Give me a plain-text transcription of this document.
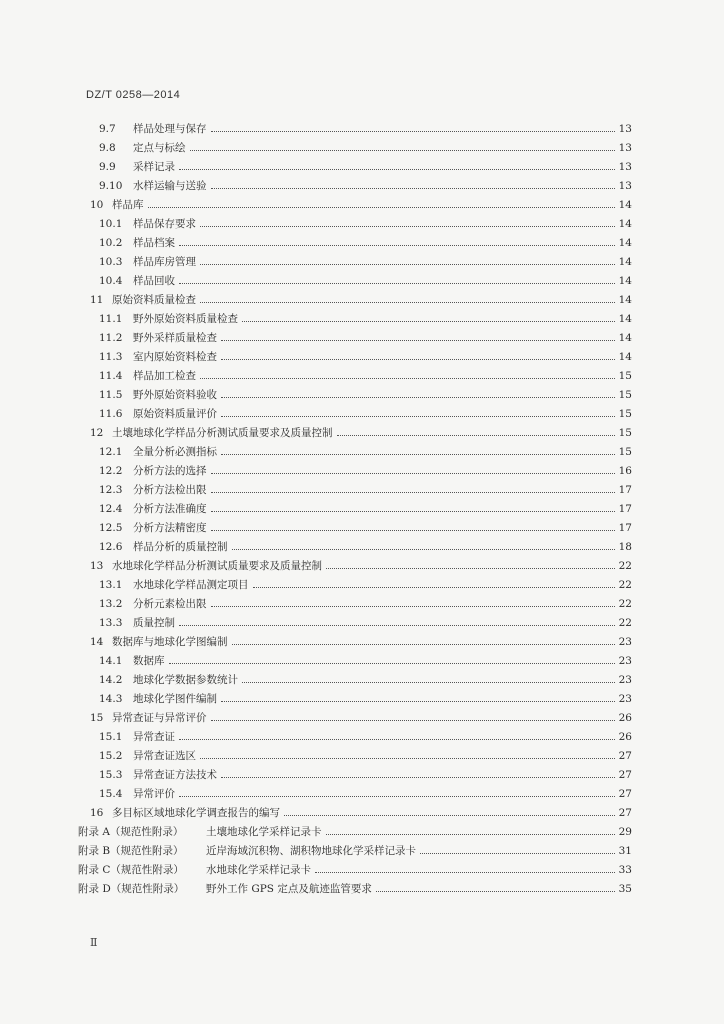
DZ/T 0258—2014
9.7	样品处理与保存	13
9.8	定点与标绘	13
9.9	采样记录	13
9.10	水样运输与送验	13
10 样品库	14
10.1	样品保存要求	14
10.2	样品档案	14
10.3	样品库房管理	14
10.4	样品回收	14
11 原始资料质量检查	14
11.1	野外原始资料质量检查	14
11.2	野外采样质量检查	14
11.3	室内原始资料检查	14
11.4	样品加工检查	15
11.5	野外原始资料验收	15
11.6	原始资料质量评价	15
12 土壤地球化学样品分析测试质量要求及质量控制	15
12.1	全量分析必测指标	15
12.2	分析方法的选择	16
12.3	分析方法检出限	17
12.4	分析方法准确度	17
12.5	分析方法精密度	17
12.6	样品分析的质量控制	18
13 水地球化学样品分析测试质量要求及质量控制	22
13.1	水地球化学样品测定项目	22
13.2	分析元素检出限	22
13.3	质量控制	22
14 数据库与地球化学图编制	23
14.1	数据库	23
14.2	地球化学数据参数统计	23
14.3	地球化学图件编制	23
15 异常查证与异常评价	26
15.1	异常查证	26
15.2	异常查证选区	27
15.3	异常查证方法技术	27
15.4	异常评价	27
16 多目标区域地球化学调查报告的编写	27
附录 A（规范性附录）	土壤地球化学采样记录卡	29
附录 B（规范性附录）	近岸海域沉积物、湖积物地球化学采样记录卡	31
附录 C（规范性附录）	水地球化学采样记录卡	33
附录 D（规范性附录）	野外工作 GPS 定点及航迹监管要求	35
Ⅱ
